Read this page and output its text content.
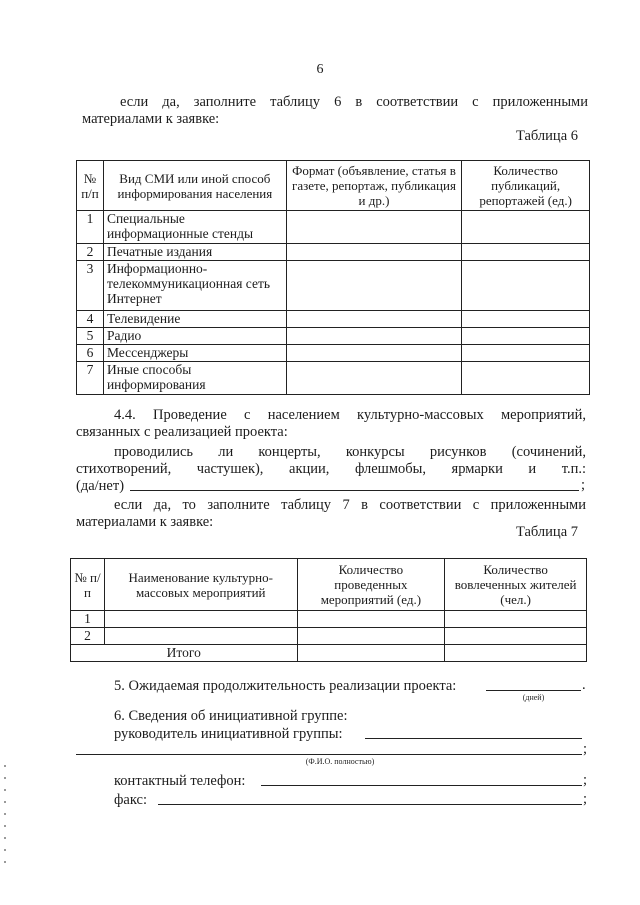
6
если да, заполните таблицу 6 в соответствии с приложенными
материалами к заявке:
Таблица 6
№ п/п	Вид СМИ или иной способ информирования населения	Формат (объявление, статья в газете, репортаж, публикация и др.)	Количество публикаций, репортажей (ед.)
1	Специальные информационные стенды		
2	Печатные издания		
3	Информационно-телекоммуникационная сеть Интернет		
4	Телевидение		
5	Радио		
6	Мессенджеры		
7	Иные способы информирования		
4.4. Проведение с населением культурно-массовых мероприятий,
связанных с реализацией проекта:
проводились ли концерты, конкурсы рисунков (сочинений,
стихотворений, частушек), акции, флешмобы, ярмарки и т.п.:
(да/нет)	;
если да, то заполните таблицу 7 в соответствии с приложенными
материалами к заявке:
Таблица 7
№ п/п	Наименование культурно-массовых мероприятий	Количество проведенных мероприятий (ед.)	Количество вовлеченных жителей (чел.)
1			
2			
Итого			
5. Ожидаемая продолжительность реализации проекта:	.
(дней)
6. Сведения об инициативной группе:
руководитель инициативной группы:
;
(Ф.И.О. полностью)
контактный телефон:	;
факс:	;
